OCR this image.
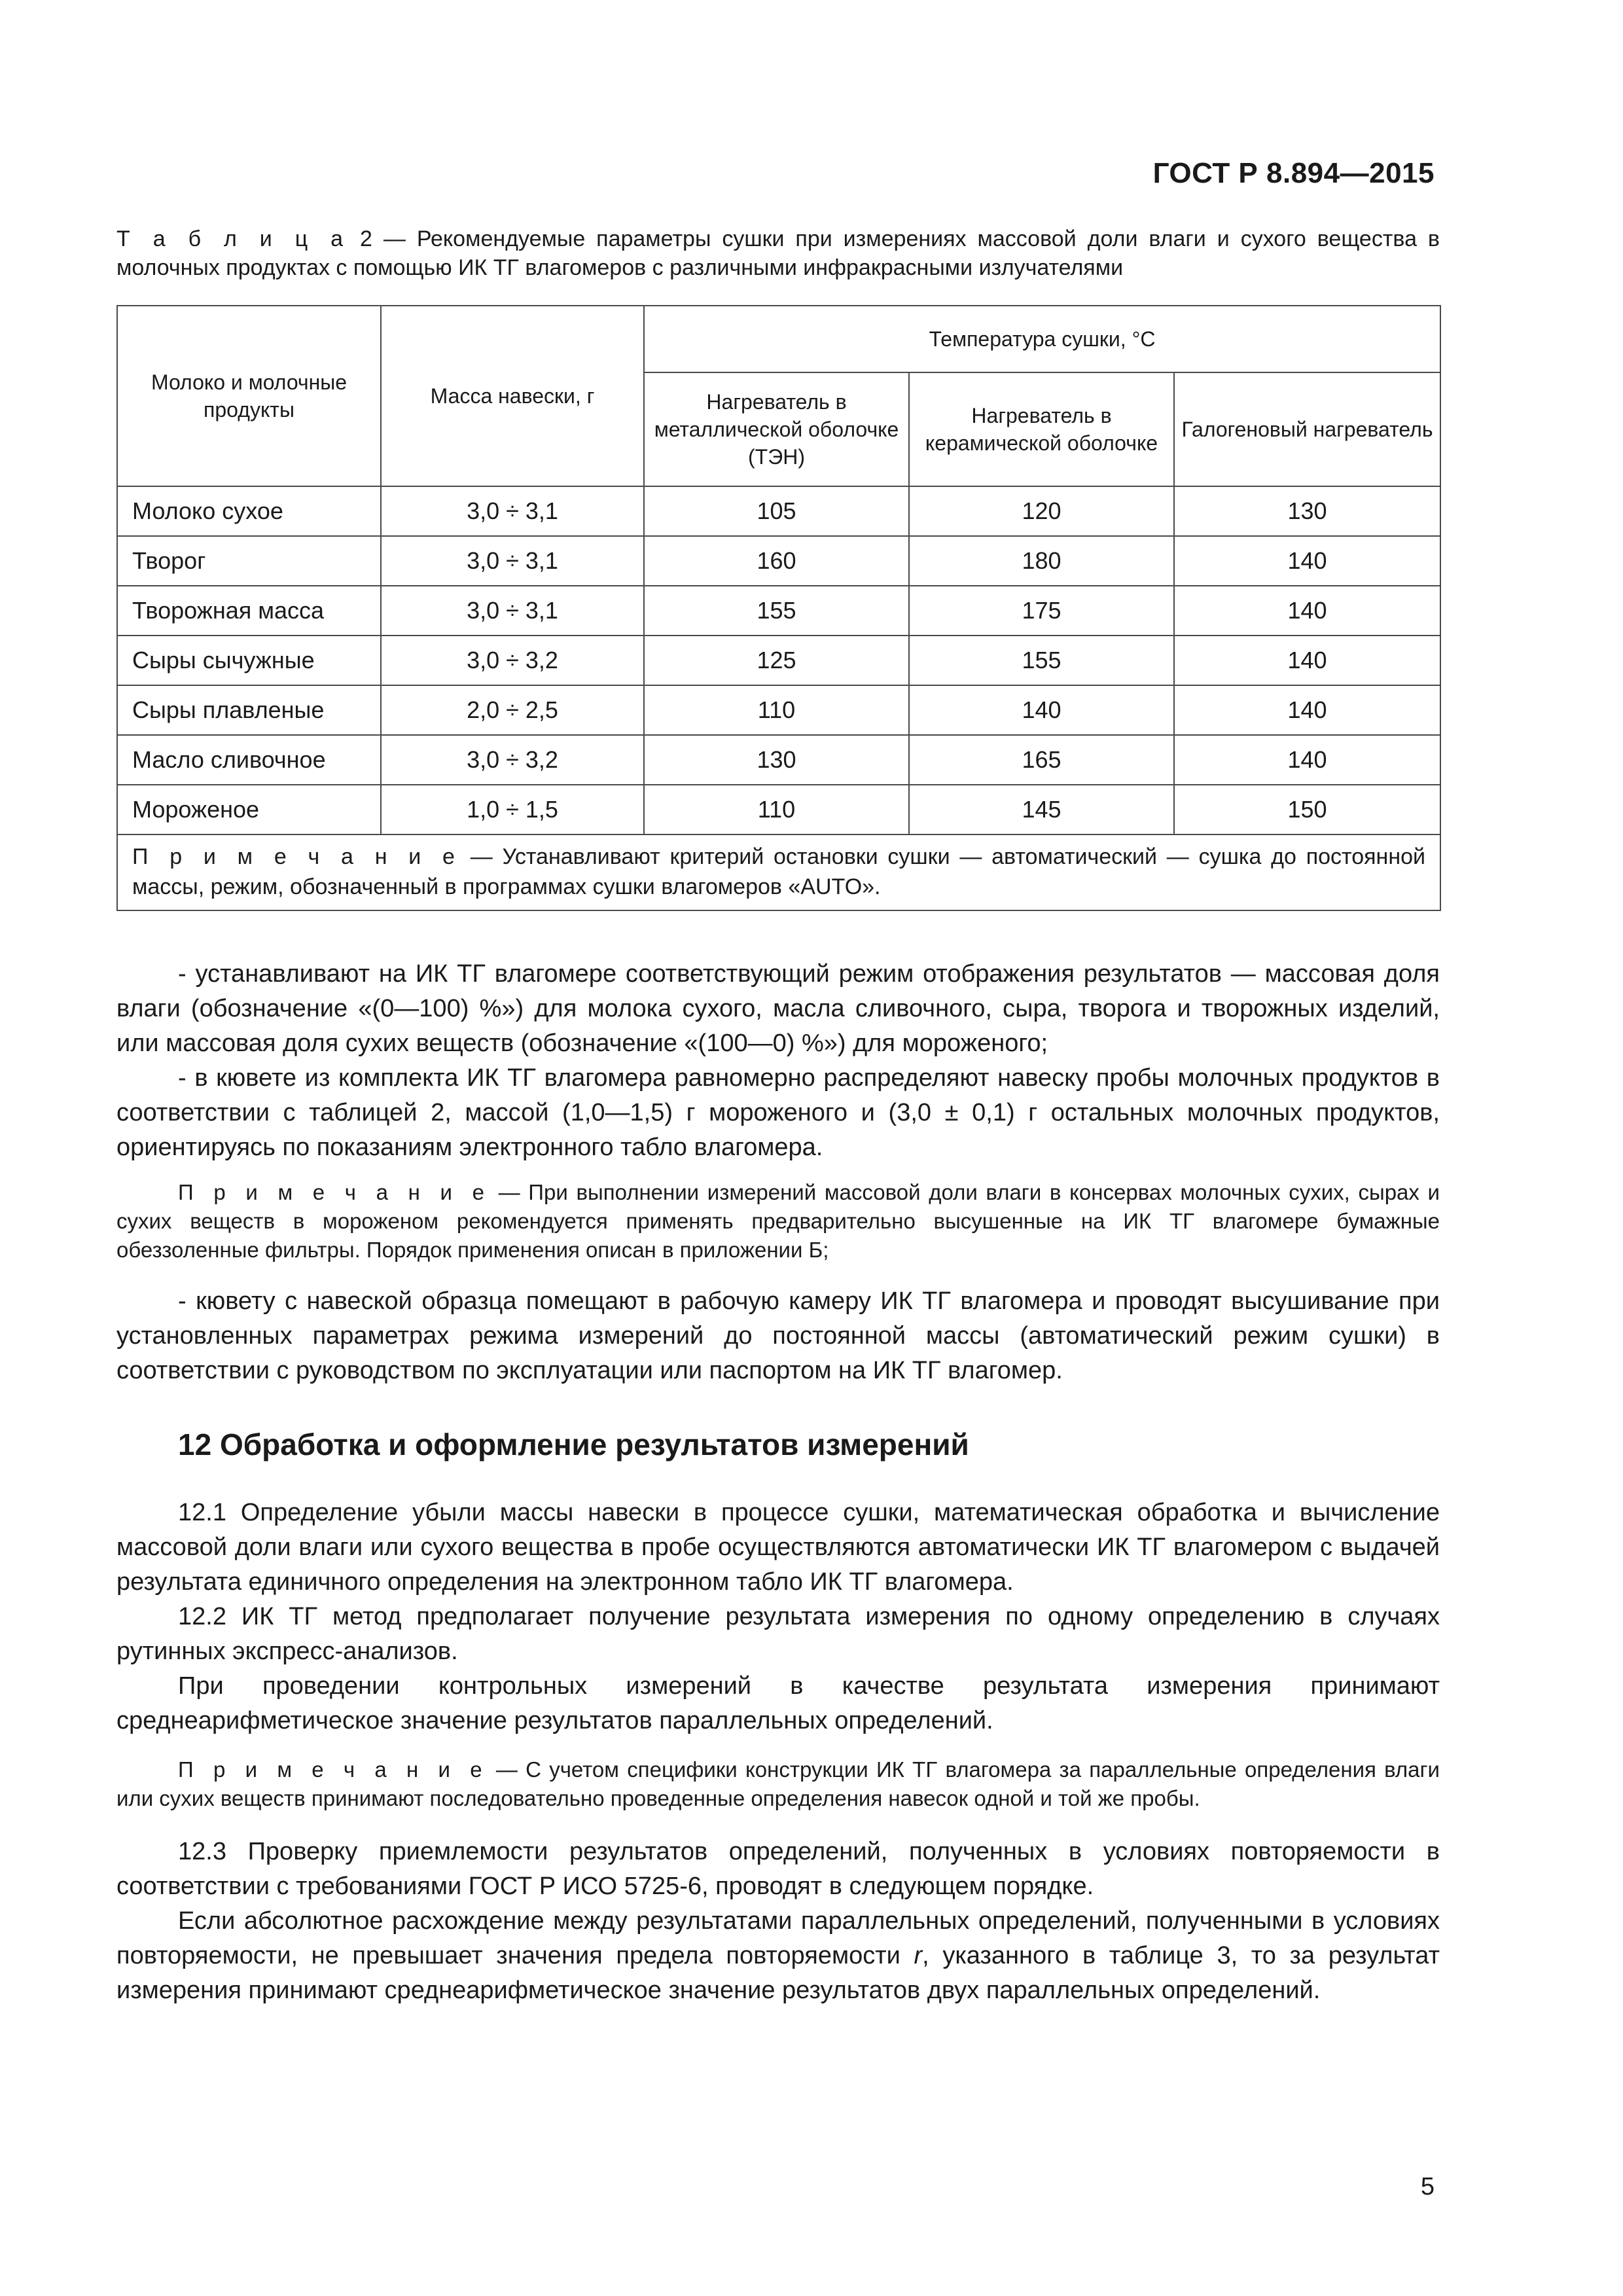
ГОСТ Р 8.894—2015
Т а б л и ц а 2 — Рекомендуемые параметры сушки при измерениях массовой доли влаги и сухого вещества в молочных продуктах с помощью ИК ТГ влагомеров с различными инфракрасными излучателями
Молоко и молочные продукты	Масса навески, г	Температура сушки, °С		
		Нагреватель в металлической оболочке (ТЭН)	Нагреватель в керамической оболочке	Галогеновый нагреватель
Молоко сухое	3,0 ÷ 3,1	105	120	130
Творог	3,0 ÷ 3,1	160	180	140
Творожная масса	3,0 ÷ 3,1	155	175	140
Сыры сычужные	3,0 ÷ 3,2	125	155	140
Сыры плавленые	2,0 ÷ 2,5	110	140	140
Масло сливочное	3,0 ÷ 3,2	130	165	140
Мороженое	1,0 ÷ 1,5	110	145	150
П р и м е ч а н и е — Устанавливают критерий остановки сушки — автоматический — сушка до постоянной массы, режим, обозначенный в программах сушки влагомеров «AUTO».				

- устанавливают на ИК ТГ влагомере соответствующий режим отображения результатов — массовая доля влаги (обозначение «(0—100) %») для молока сухого, масла сливочного, сыра, творога и творожных изделий, или массовая доля сухих веществ (обозначение «(100—0) %») для мороженого;

- в кювете из комплекта ИК ТГ влагомера равномерно распределяют навеску пробы молочных продуктов в соответствии с таблицей 2, массой (1,0—1,5) г мороженого и (3,0 ± 0,1) г остальных молочных продуктов, ориентируясь по показаниям электронного табло влагомера.

П р и м е ч а н и е — При выполнении измерений массовой доли влаги в консервах молочных сухих, сырах и сухих веществ в мороженом рекомендуется применять предварительно высушенные на ИК ТГ влагомере бумажные обеззоленные фильтры. Порядок применения описан в приложении Б;

- кювету с навеской образца помещают в рабочую камеру ИК ТГ влагомера и проводят высушивание при установленных параметрах режима измерений до постоянной массы (автоматический режим сушки) в соответствии с руководством по эксплуатации или паспортом на ИК ТГ влагомер.

12 Обработка и оформление результатов измерений

12.1 Определение убыли массы навески в процессе сушки, математическая обработка и вычисление массовой доли влаги или сухого вещества в пробе осуществляются автоматически ИК ТГ влагомером с выдачей результата единичного определения на электронном табло ИК ТГ влагомера.

12.2 ИК ТГ метод предполагает получение результата измерения по одному определению в случаях рутинных экспресс-анализов.

При проведении контрольных измерений в качестве результата измерения принимают среднеарифметическое значение результатов параллельных определений.

П р и м е ч а н и е — С учетом специфики конструкции ИК ТГ влагомера за параллельные определения влаги или сухих веществ принимают последовательно проведенные определения навесок одной и той же пробы.

12.3 Проверку приемлемости результатов определений, полученных в условиях повторяемости в соответствии с требованиями ГОСТ Р ИСО 5725-6, проводят в следующем порядке.

Если абсолютное расхождение между результатами параллельных определений, полученными в условиях повторяемости, не превышает значения предела повторяемости r, указанного в таблице 3, то за результат измерения принимают среднеарифметическое значение результатов двух параллельных определений.

5
